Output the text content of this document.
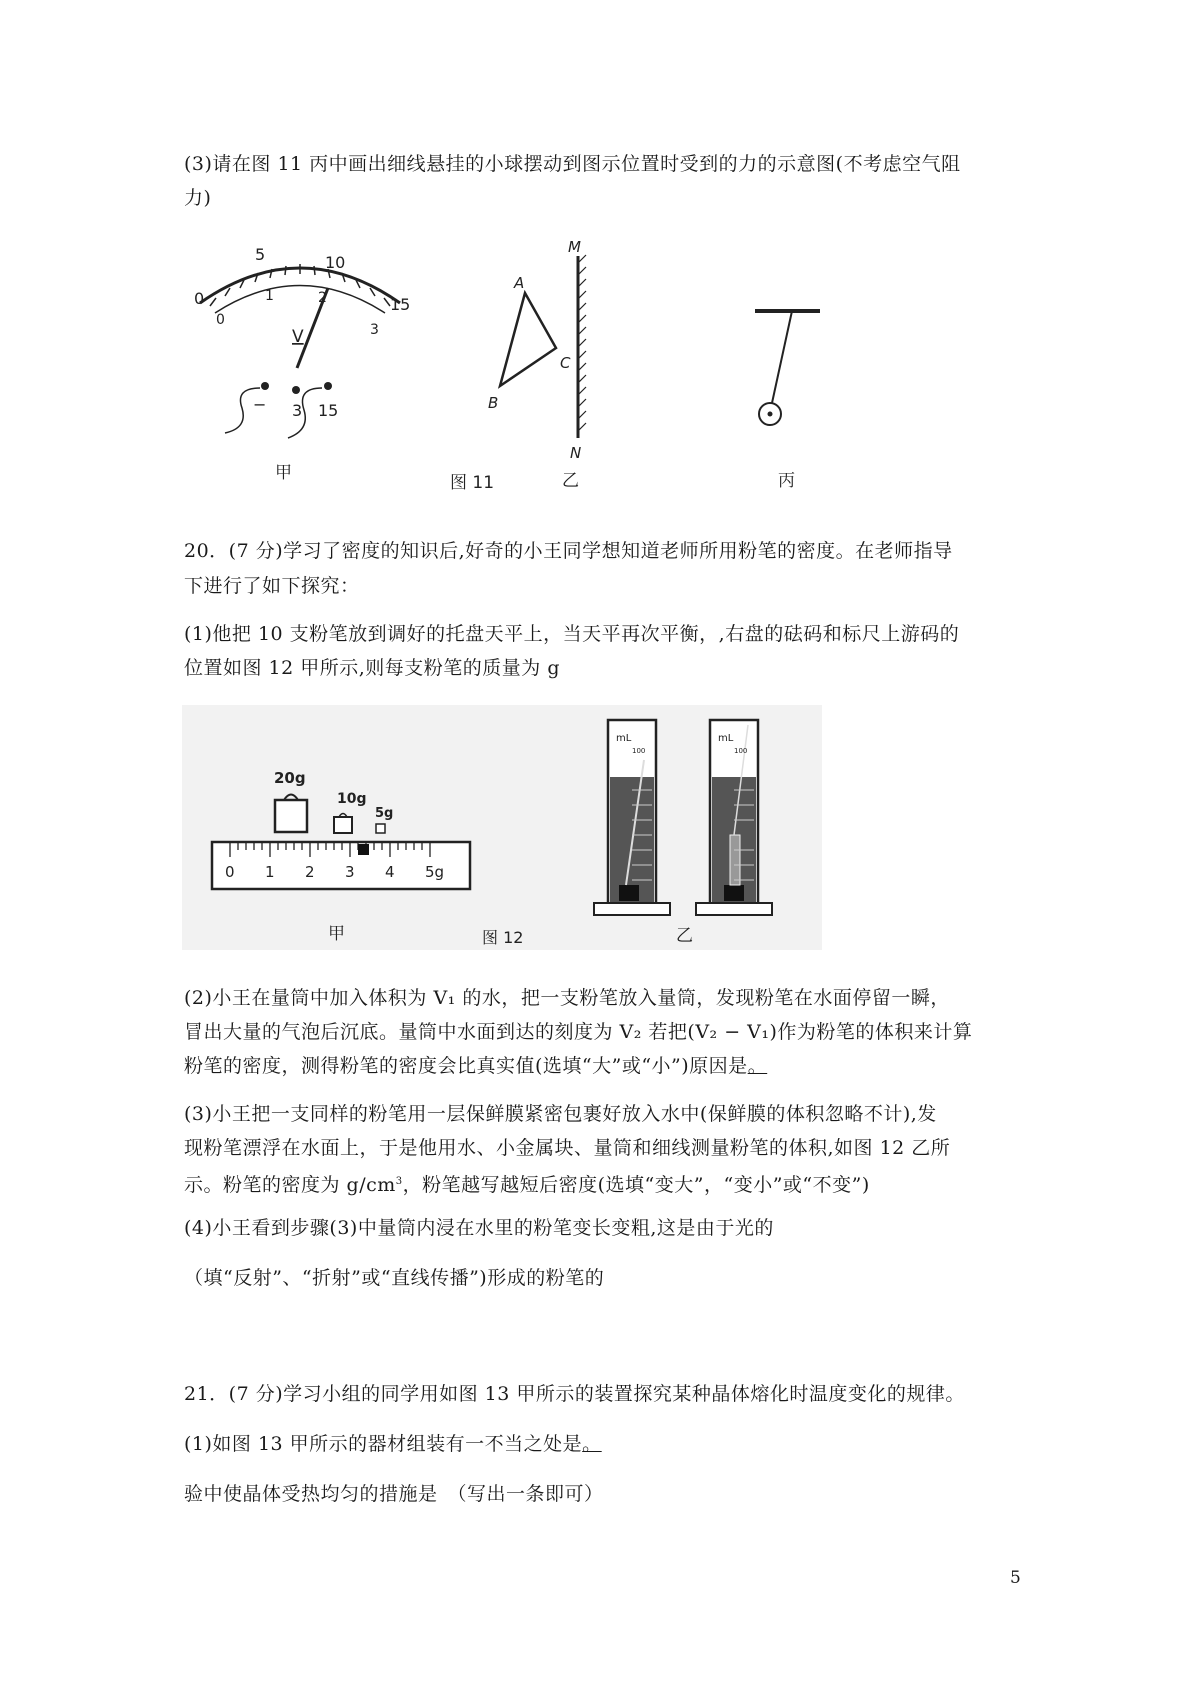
(3)请在图 11 丙中画出细线悬挂的小球摆动到图示位置时受到的力的示意图(不考虑空气阻
力)
0
5	10
15
0
1	2
3
V
− 3 15
甲
A
B
C
M
N
图 11	乙	丙
20．(7 分)学习了密度的知识后,好奇的小王同学想知道老师所用粉笔的密度。在老师指导
下进行了如下探究：
(1)他把 10 支粉笔放到调好的托盘天平上，当天平再次平衡，,右盘的砝码和标尺上游码的
位置如图 12 甲所示,则每支粉笔的质量为 g
20g
10g
5g
0 1 2 3 4 5g
甲	图 12
mL
100
mL
100
乙
(2)小王在量筒中加入体积为 V₁ 的水，把一支粉笔放入量筒，发现粉笔在水面停留一瞬，
冒出大量的气泡后沉底。量筒中水面到达的刻度为 V₂ 若把(V₂ − V₁)作为粉笔的体积来计算
粉笔的密度，测得粉笔的密度会比真实值(选填“大”或“小”)原因是。
(3)小王把一支同样的粉笔用一层保鲜膜紧密包裹好放入水中(保鲜膜的体积忽略不计),发
现粉笔漂浮在水面上，于是他用水、小金属块、量筒和细线测量粉笔的体积,如图 12 乙所
示。粉笔的密度为 $g/cm^3$，粉笔越写越短后密度(选填“变大”，“变小”或“不变”)
(4)小王看到步骤(3)中量筒内浸在水里的粉笔变长变粗,这是由于光的
（填“反射”、“折射”或“直线传播”)形成的粉笔的
21．(7 分)学习小组的同学用如图 13 甲所示的装置探究某种晶体熔化时温度变化的规律。
(1)如图 13 甲所示的器材组装有一不当之处是。
验中使晶体受热均匀的措施是　（写出一条即可）
5
